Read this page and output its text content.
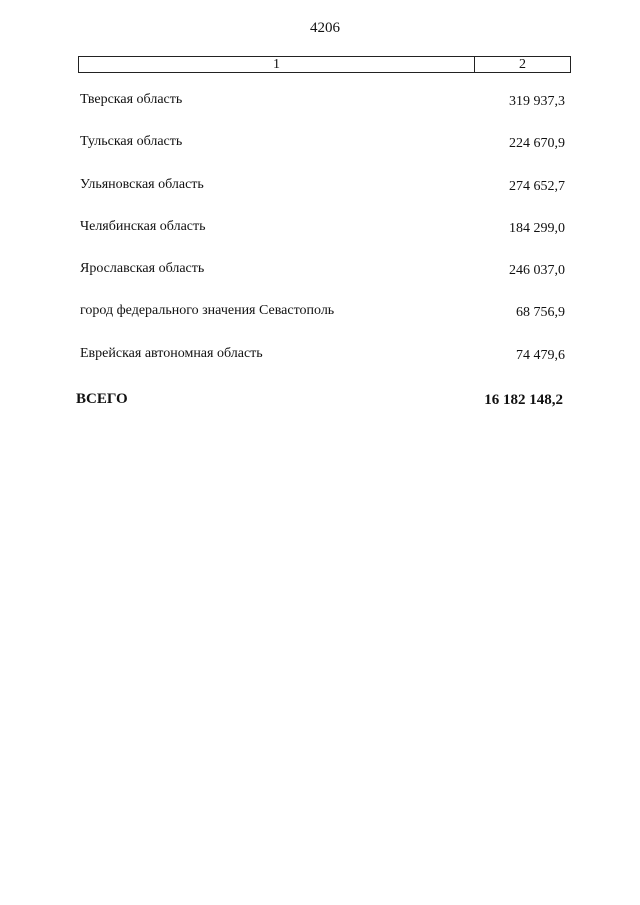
4206
1	2
Тверская область	319 937,3
Тульская область	224 670,9
Ульяновская область	274 652,7
Челябинская область	184 299,0
Ярославская область	246 037,0
город федерального значения Севастополь	68 756,9
Еврейская автономная область	74 479,6
ВСЕГО	16 182 148,2
